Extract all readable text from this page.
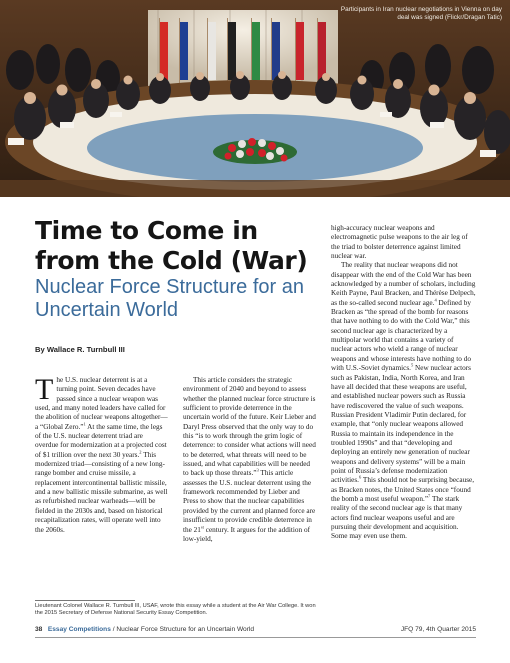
Participants in Iran nuclear negotiations in Vienna on day deal was signed (Flickr/Dragan Tatic)
Time to Come in from the Cold (War)
Nuclear Force Structure for an Uncertain World
By Wallace R. Turnbull III

The U.S. nuclear deterrent is at a turning point. Seven decades have passed since a nuclear weapon was used, and many noted leaders have called for the abolition of nuclear weapons altogether—a “Global Zero.”$^1$ At the same time, the legs of the U.S. nuclear deterrent triad are overdue for modernization at a projected cost of $1 trillion over the next 30 years.$^2$ This modernized triad—consisting of a new long-range bomber and cruise missile, a replacement intercontinental ballistic missile, and a new ballistic missile submarine, as well as refurbished nuclear warheads—will be fielded in the 2030s and, based on historical recapitalization rates, will operate well into the 2060s.

This article considers the strategic environment of 2040 and beyond to assess whether the planned nuclear force structure is sufficient to provide deterrence in the uncertain world of the future. Keir Lieber and Daryl Press observed that the only way to do this “is to work through the grim logic of deterrence: to consider what actions will need to be deterred, what threats will need to be issued, and what capabilities will be needed to back up those threats.”$^3$ This article assesses the U.S. nuclear deterrent using the framework recommended by Lieber and Press to show that the nuclear capabilities provided by the current and planned force are insufficient to provide credible deterrence in the 21st century. It argues for the addition of low-yield,

high-accuracy nuclear weapons and electromagnetic pulse weapons to the air leg of the triad to bolster deterrence against limited nuclear war.

The reality that nuclear weapons did not disappear with the end of the Cold War has been acknowledged by a number of scholars, including Keith Payne, Paul Bracken, and Thérèse Delpech, as the so-called second nuclear age.$^4$ Defined by Bracken as “the spread of the bomb for reasons that have nothing to do with the Cold War,” this second nuclear age is characterized by a multipolar world that contains a variety of nuclear actors who wield a range of nuclear weapons and whose interests have nothing to do with U.S.-Soviet dynamics.$^5$ New nuclear actors such as Pakistan, India, North Korea, and Iran have all decided that these weapons are useful, and established nuclear powers such as Russia have rediscovered the value of such weapons. Russian President Vladimir Putin declared, for example, that “only nuclear weapons allowed Russia to maintain its independence in the troubled 1990s” and that “developing and deploying an entirely new generation of nuclear weapons and delivery systems” will be a main point of Russia’s defense modernization activities.$^6$ This should not be surprising because, as Bracken notes, the United States once “found the bomb a most useful weapon.”$^7$ The stark reality of the second nuclear age is that many actors find nuclear weapons useful and are pursuing their development and acquisition. Some may even use them.

Lieutenant Colonel Wallace R. Turnbull III, USAF, wrote this essay while a student at the Air War College. It won the 2015 Secretary of Defense National Security Essay Competition.
38 Essay Competitions / Nuclear Force Structure for an Uncertain World	JFQ 79, 4th Quarter 2015
